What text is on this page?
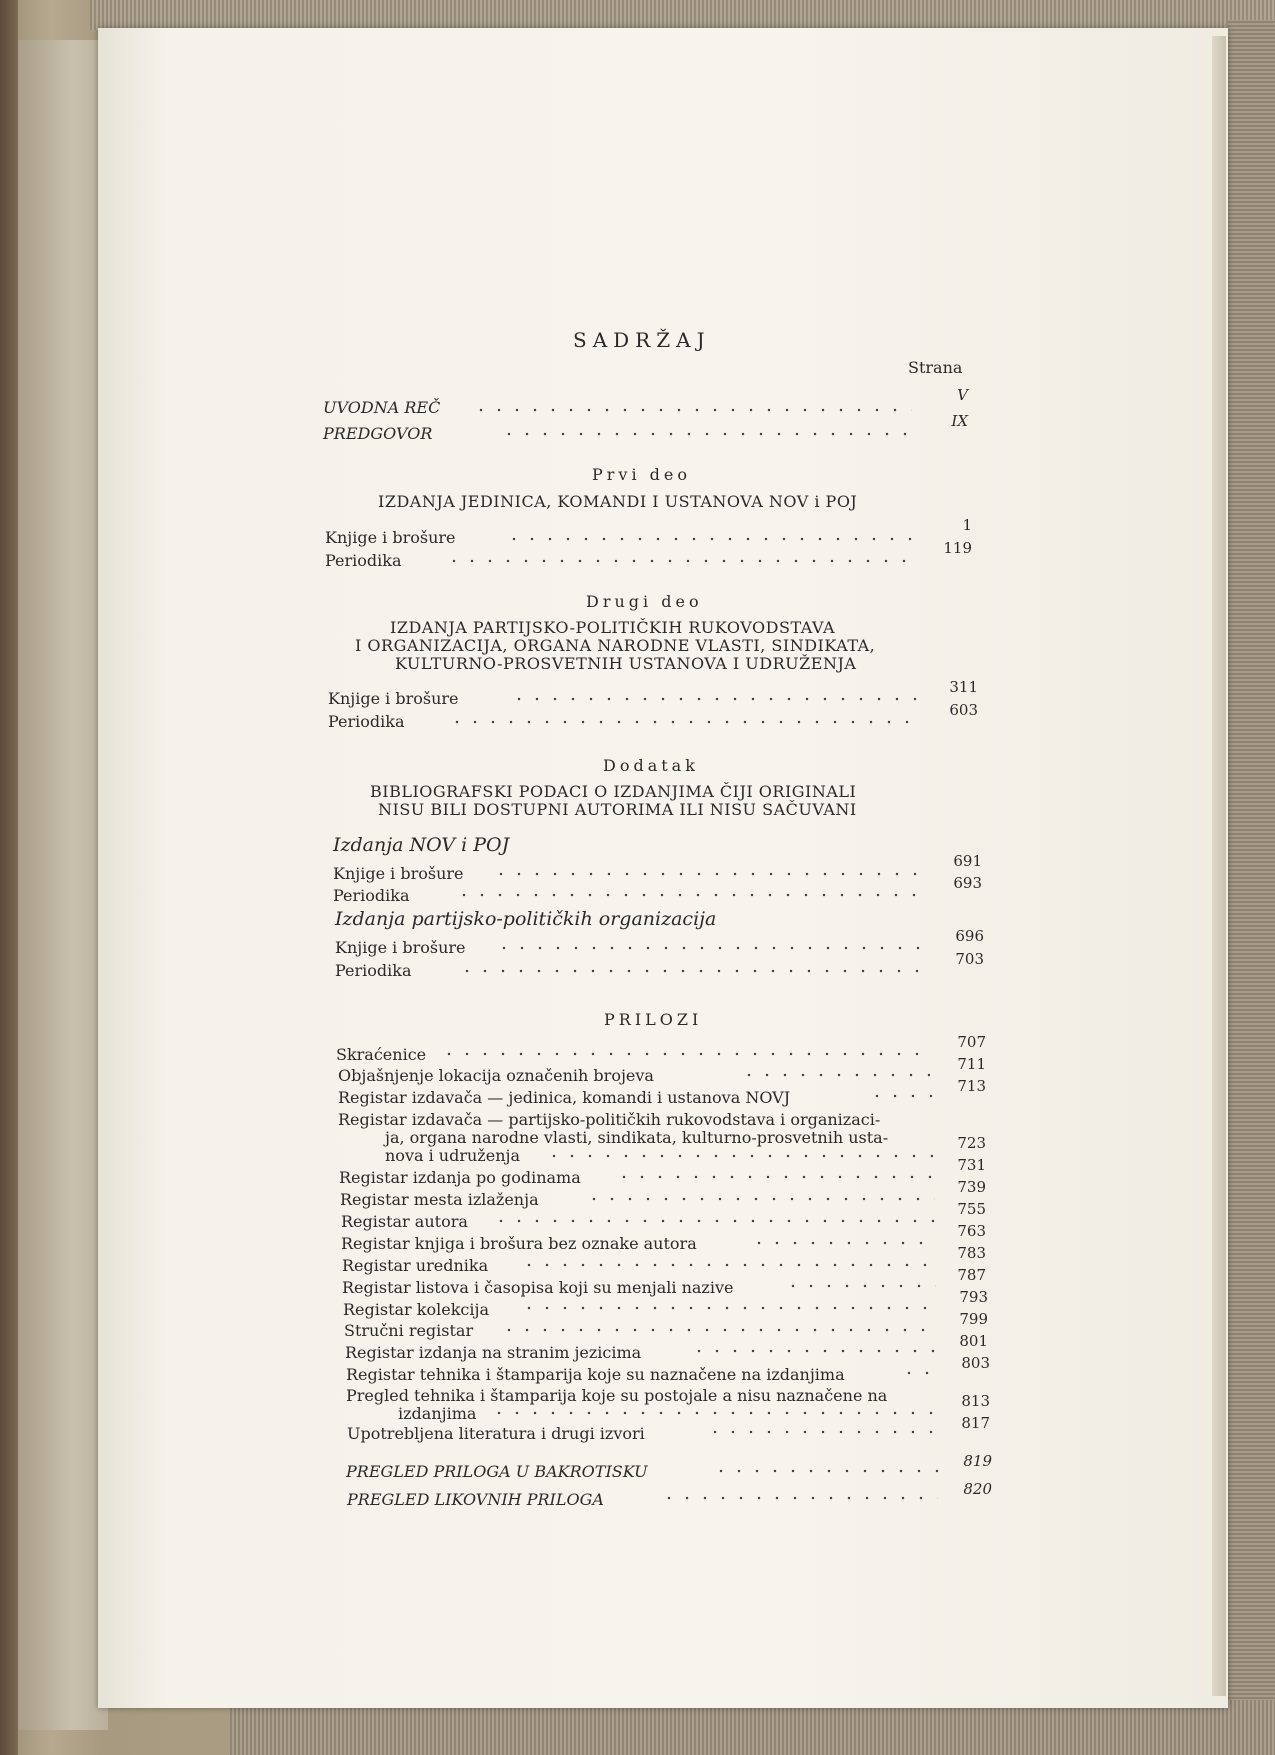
SADRŽAJ
Strana
UVODNA REČ
V
PREDGOVOR
IX
Prvi deo
IZDANJA JEDINICA, KOMANDI I USTANOVA NOV i POJ
Knjige i brošure
1
Periodika
119
Drugi deo
IZDANJA PARTIJSKO-POLITIČKIH RUKOVODSTAVA
I ORGANIZACIJA, ORGANA NARODNE VLASTI, SINDIKATA,
KULTURNO-PROSVETNIH USTANOVA I UDRUŽENJA
Knjige i brošure
311
Periodika
603
Dodatak
BIBLIOGRAFSKI PODACI O IZDANJIMA ČIJI ORIGINALI
NISU BILI DOSTUPNI AUTORIMA ILI NISU SAČUVANI
Izdanja NOV i POJ
Knjige i brošure
691
Periodika
693
Izdanja partijsko-političkih organizacija
Knjige i brošure
696
Periodika
703
PRILOZI
Skraćenice
707
Objašnjenje lokacija označenih brojeva
711
Registar izdavača — jedinica, komandi i ustanova NOVJ
713
Registar izdavača — partijsko-političkih rukovodstava i organizaci-
ja, organa narodne vlasti, sindikata, kulturno-prosvetnih usta-
nova i udruženja
723
Registar izdanja po godinama
731
Registar mesta izlaženja
739
Registar autora
755
Registar knjiga i brošura bez oznake autora
763
Registar urednika
783
Registar listova i časopisa koji su menjali nazive
787
Registar kolekcija
793
Stručni registar
799
Registar izdanja na stranim jezicima
801
Registar tehnika i štamparija koje su naznačene na izdanjima
803
Pregled tehnika i štamparija koje su postojale a nisu naznačene na
izdanjima
813
Upotrebljena literatura i drugi izvori
817
PREGLED PRILOGA U BAKROTISKU
819
PREGLED LIKOVNIH PRILOGA
820
